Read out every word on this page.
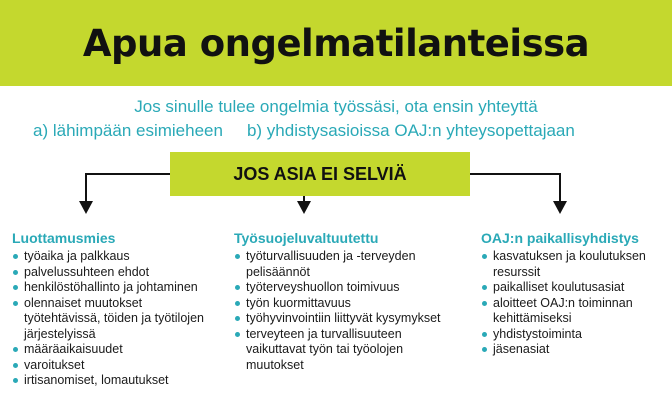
Apua ongelmatilanteissa
Jos sinulle tulee ongelmia työssäsi, ota ensin yhteyttä
a) lähimpään esimieheen b) yhdistysasioissa OAJ:n yhteysopettajaan
JOS ASIA EI SELVIÄ
Luottamusmies
työaika ja palkkaus
palvelussuhteen ehdot
henkilöstöhallinto ja johtaminen
olennaiset muutokset työtehtävissä, töiden ja työtilojen järjestelyissä
määräaikaisuudet
varoitukset
irtisanomiset, lomautukset
Työsuojeluvaltuutettu
työturvallisuuden ja -terveyden pelisäännöt
työterveyshuollon toimivuus
työn kuormittavuus
työhyvinvointiin liittyvät kysymykset
terveyteen ja turvallisuuteen vaikuttavat työn tai työolojen muutokset
OAJ:n paikallisyhdistys
kasvatuksen ja koulutuksen resurssit
paikalliset koulutusasiat
aloitteet OAJ:n toiminnan kehittämiseksi
yhdistystoiminta
jäsenasiat
